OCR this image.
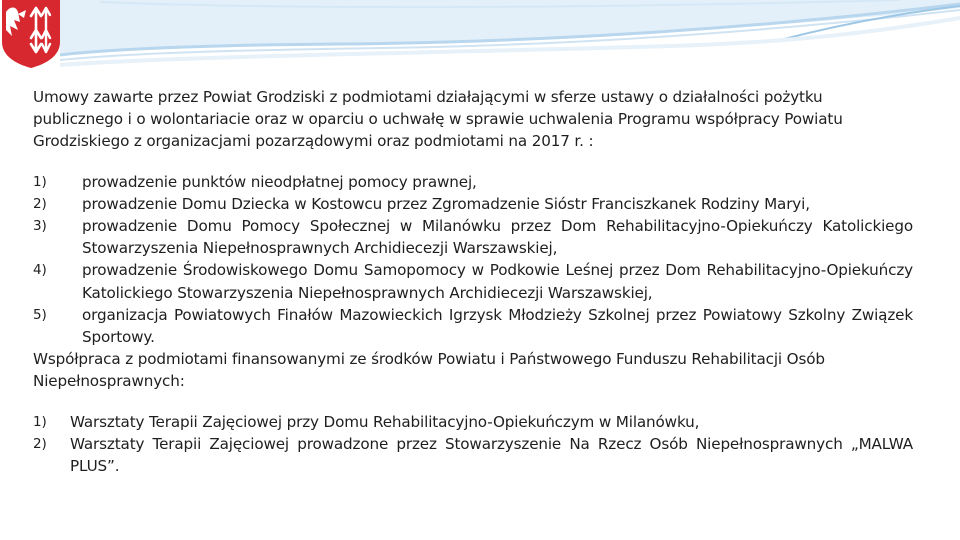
Umowy zawarte przez Powiat Grodziski z podmiotami działającymi w sferze ustawy o działalności pożytku publicznego i o wolontariacie oraz w oparciu o uchwałę w sprawie uchwalenia Programu współpracy Powiatu Grodziskiego z organizacjami pozarządowymi oraz podmiotami na 2017 r. :

1) prowadzenie punktów nieodpłatnej pomocy prawnej,
2) prowadzenie Domu Dziecka w Kostowcu przez Zgromadzenie Sióstr Franciszkanek Rodziny Maryi,
3) prowadzenie Domu Pomocy Społecznej w Milanówku przez Dom Rehabilitacyjno-Opiekuńczy Katolickiego Stowarzyszenia Niepełnosprawnych Archidiecezji Warszawskiej,
4) prowadzenie Środowiskowego Domu Samopomocy w Podkowie Leśnej przez Dom Rehabilitacyjno-Opiekuńczy Katolickiego Stowarzyszenia Niepełnosprawnych Archidiecezji Warszawskiej,
5) organizacja Powiatowych Finałów Mazowieckich Igrzysk Młodzieży Szkolnej przez Powiatowy Szkolny Związek Sportowy.

Współpraca z podmiotami finansowanymi ze środków Powiatu i Państwowego Funduszu Rehabilitacji Osób Niepełnosprawnych:

1) Warsztaty Terapii Zajęciowej przy Domu Rehabilitacyjno-Opiekuńczym w Milanówku,
2) Warsztaty Terapii Zajęciowej prowadzone przez Stowarzyszenie Na Rzecz Osób Niepełnosprawnych „MALWA PLUS”.
